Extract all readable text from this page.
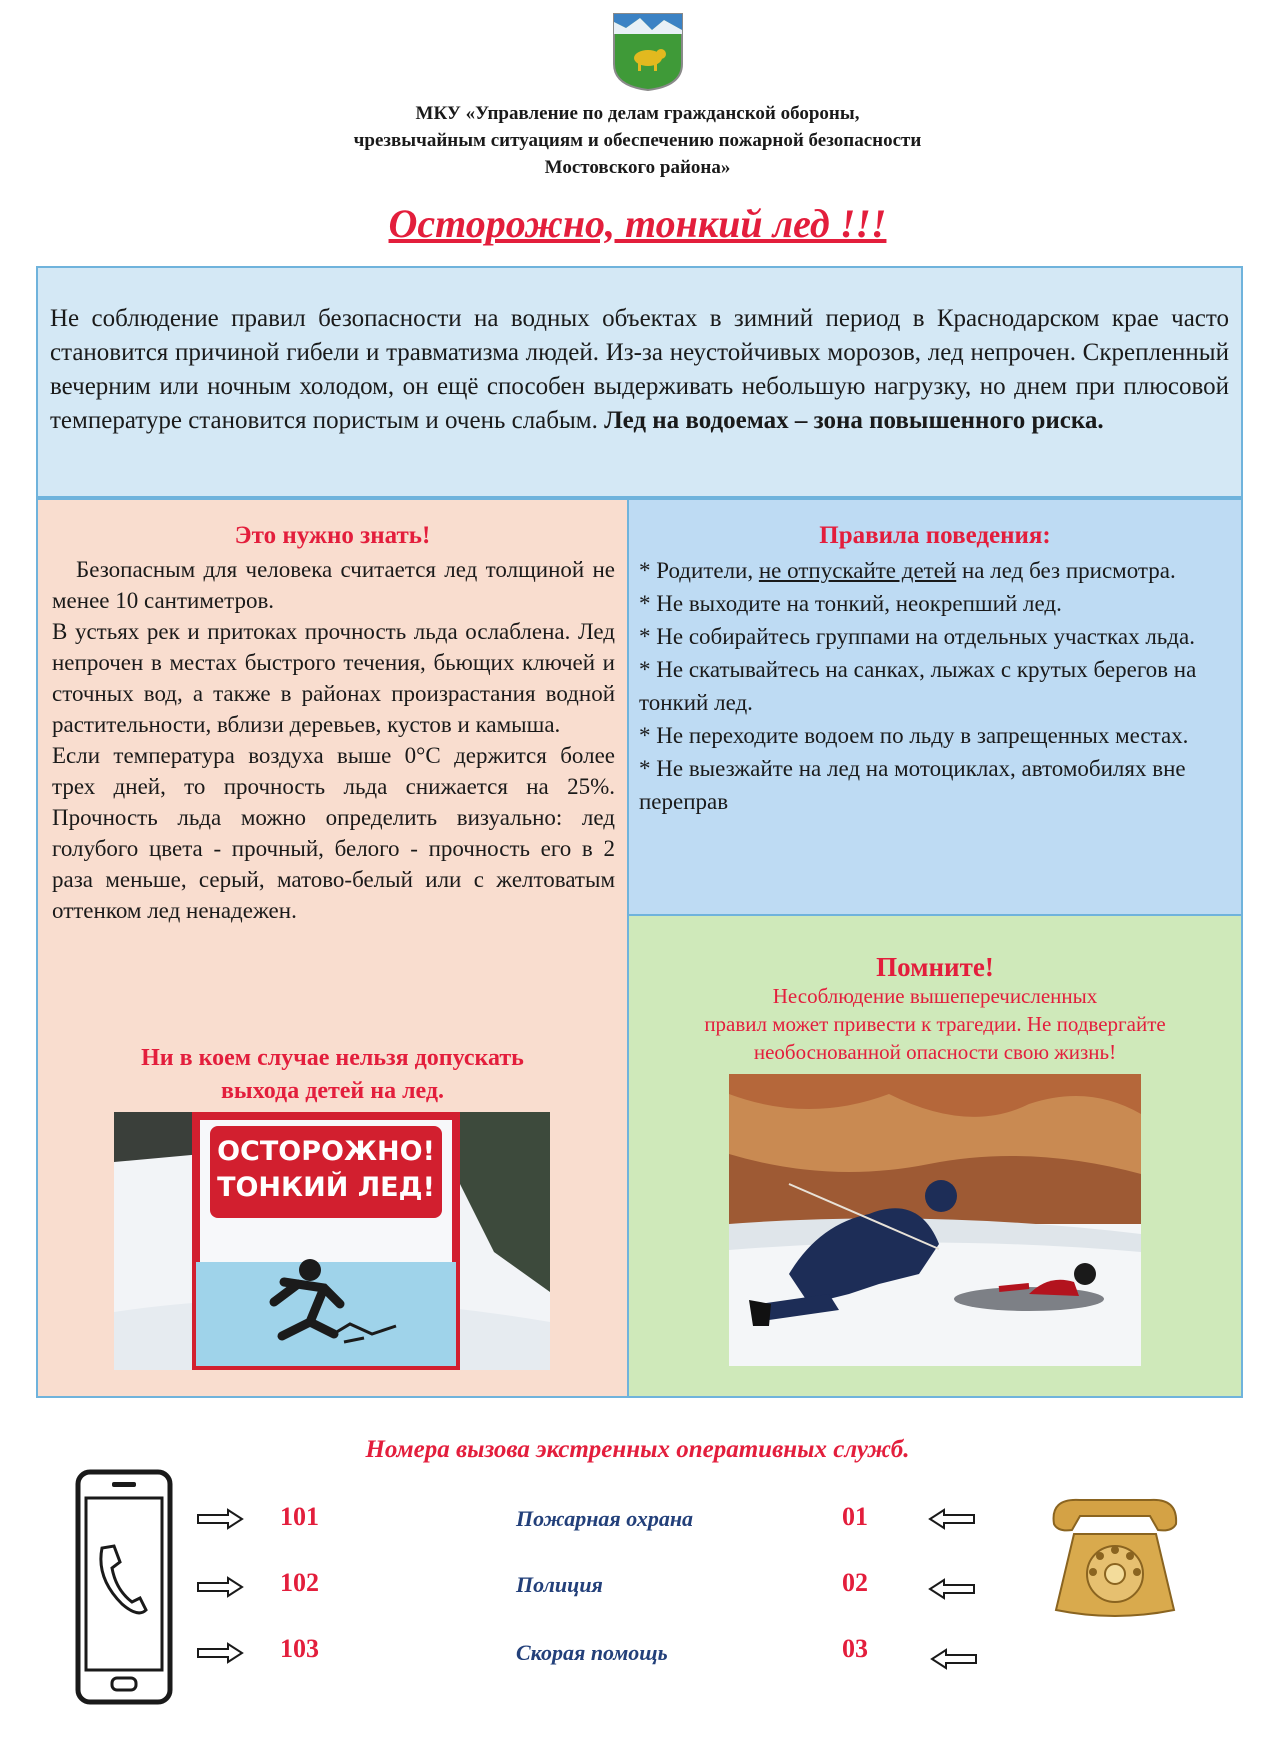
МКУ «Управление по делам гражданской обороны,
чрезвычайным ситуациям и обеспечению пожарной безопасности
Мостовского района»
Осторожно, тонкий лед !!!
Не соблюдение правил безопасности на водных объектах в зимний период в Краснодарском крае часто становится причиной гибели и травматизма людей. Из-за неустойчивых морозов, лед непрочен. Скрепленный вечерним или ночным холодом, он ещё способен выдерживать небольшую нагрузку, но днем при плюсовой температуре становится пористым и очень слабым. Лед на водоемах – зона повышенного риска.
Это нужно знать!

Безопасным для человека считается лед толщиной не менее 10 сантиметров.

В устьях рек и притоках прочность льда ослаблена. Лед непрочен в местах быстрого течения, бьющих ключей и сточных вод, а также в районах произрастания водной растительности, вблизи деревьев, кустов и камыша.

Если температура воздуха выше 0°С держится более трех дней, то прочность льда снижается на 25%. Прочность льда можно определить визуально: лед голубого цвета - прочный, белого - прочность его в 2 раза меньше, серый, матово-белый или с желтоватым оттенком лед ненадежен.

Ни в коем случае нельзя допускать
выхода детей на лед.
ОСТОРОЖНО!
ТОНКИЙ ЛЕД!
Правила поведения:

* Родители, не отпускайте детей на лед без присмотра.

* Не выходите на тонкий, неокрепший лед.

* Не собирайтесь группами на отдельных участках льда.

* Не скатывайтесь на санках, лыжах с крутых берегов на тонкий лед.

* Не переходите водоем по льду в запрещенных местах.

* Не выезжайте на лед на мотоциклах, автомобилях вне переправ

Помните!
Несоблюдение вышеперечисленных
правил может привести к трагедии. Не подвергайте
необоснованной опасности свою жизнь!
Номера вызова экстренных оперативных служб.
101	Пожарная охрана	01
102	Полиция	02
103	Скорая помощь	03
